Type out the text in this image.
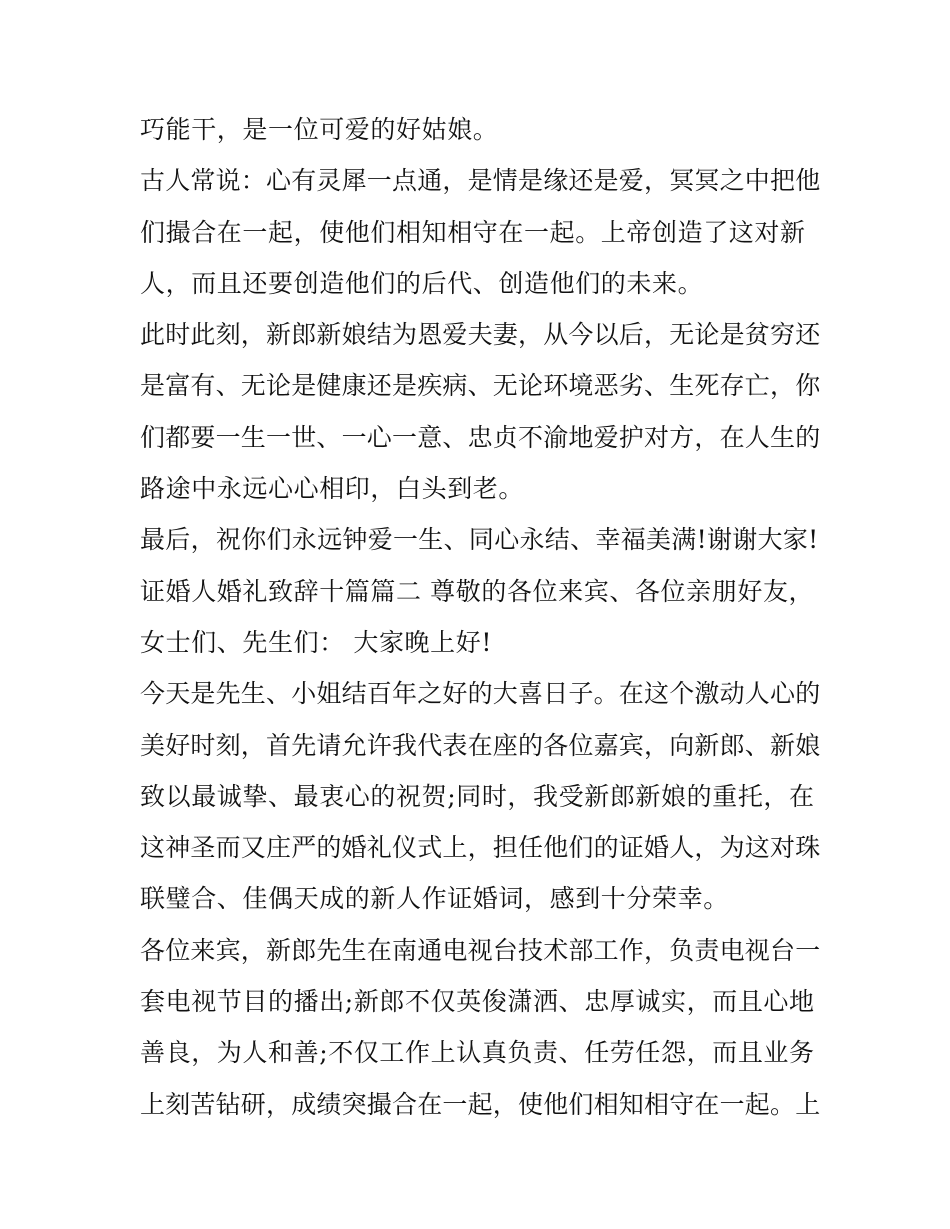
巧能干，是一位可爱的好姑娘。
古人常说：心有灵犀一点通，是情是缘还是爱，冥冥之中把他
们撮合在一起，使他们相知相守在一起。上帝创造了这对新
人，而且还要创造他们的后代、创造他们的未来。
此时此刻，新郎新娘结为恩爱夫妻，从今以后，无论是贫穷还
是富有、无论是健康还是疾病、无论环境恶劣、生死存亡，你
们都要一生一世、一心一意、忠贞不渝地爱护对方，在人生的
路途中永远心心相印，白头到老。
最后，祝你们永远钟爱一生、同心永结、幸福美满!谢谢大家!
证婚人婚礼致辞十篇篇二 尊敬的各位来宾、各位亲朋好友，
女士们、先生们： 大家晚上好!
今天是先生、小姐结百年之好的大喜日子。在这个激动人心的
美好时刻，首先请允许我代表在座的各位嘉宾，向新郎、新娘
致以最诚挚、最衷心的祝贺;同时，我受新郎新娘的重托，在
这神圣而又庄严的婚礼仪式上，担任他们的证婚人，为这对珠
联璧合、佳偶天成的新人作证婚词，感到十分荣幸。
各位来宾，新郎先生在南通电视台技术部工作，负责电视台一
套电视节目的播出;新郎不仅英俊潇洒、忠厚诚实，而且心地
善良，为人和善;不仅工作上认真负责、任劳任怨，而且业务
上刻苦钻研，成绩突撮合在一起，使他们相知相守在一起。上
